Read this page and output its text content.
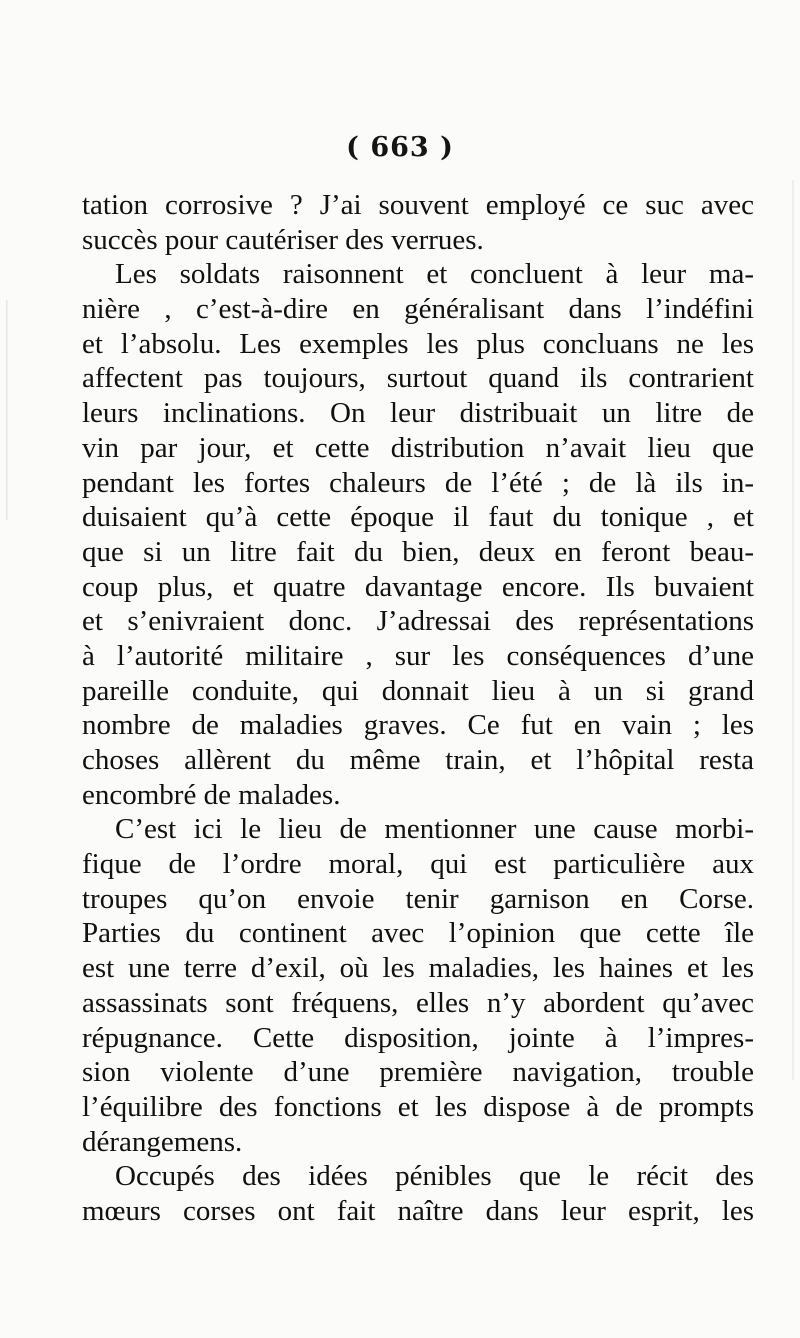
( 663 )
tation corrosive ? J’ai souvent employé ce suc avec
succès pour cautériser des verrues.
Les soldats raisonnent et concluent à leur ma-
nière , c’est-à-dire en généralisant dans l’indéfini
et l’absolu. Les exemples les plus concluans ne les
affectent pas toujours, surtout quand ils contrarient
leurs inclinations. On leur distribuait un litre de
vin par jour, et cette distribution n’avait lieu que
pendant les fortes chaleurs de l’été ; de là ils in-
duisaient qu’à cette époque il faut du tonique , et
que si un litre fait du bien, deux en feront beau-
coup plus, et quatre davantage encore. Ils buvaient
et s’enivraient donc. J’adressai des représentations
à l’autorité militaire , sur les conséquences d’une
pareille conduite, qui donnait lieu à un si grand
nombre de maladies graves. Ce fut en vain ; les
choses allèrent du même train, et l’hôpital resta
encombré de malades.
C’est ici le lieu de mentionner une cause morbi-
fique de l’ordre moral, qui est particulière aux
troupes qu’on envoie tenir garnison en Corse.
Parties du continent avec l’opinion que cette île
est une terre d’exil, où les maladies, les haines et les
assassinats sont fréquens, elles n’y abordent qu’avec
répugnance. Cette disposition, jointe à l’impres-
sion violente d’une première navigation, trouble
l’équilibre des fonctions et les dispose à de prompts
dérangemens.
Occupés des idées pénibles que le récit des
mœurs corses ont fait naître dans leur esprit, les
